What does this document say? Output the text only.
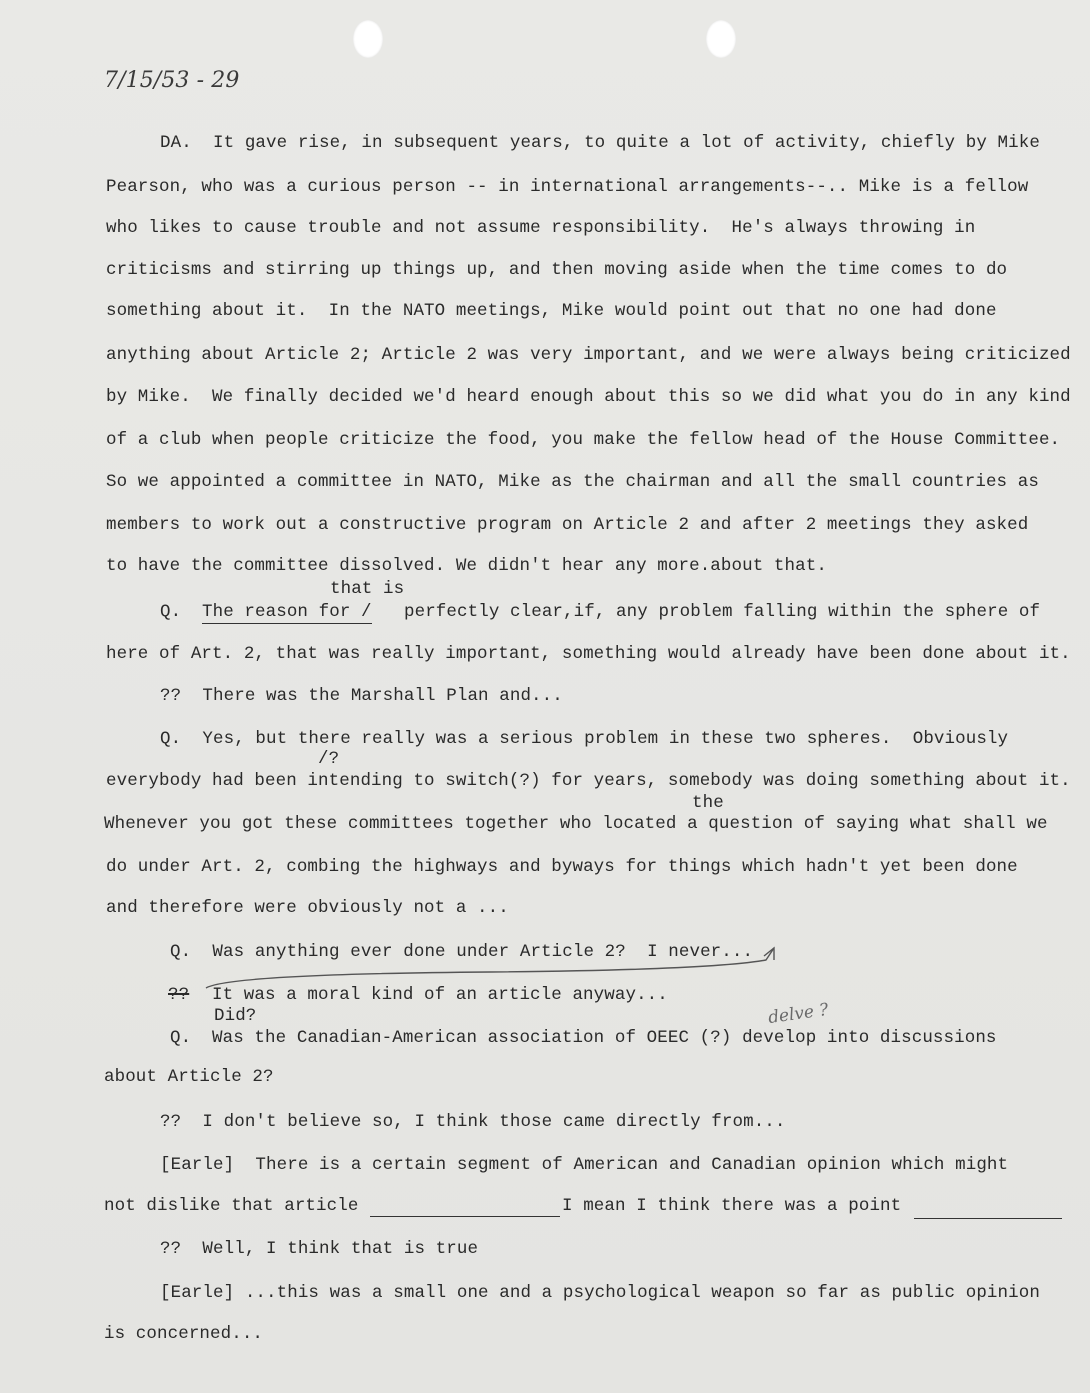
7/15/53 - 29
DA.  It gave rise, in subsequent years, to quite a lot of activity, chiefly by Mike
Pearson, who was a curious person -- in international arrangements--.. Mike is a fellow
who likes to cause trouble and not assume responsibility.  He's always throwing in
criticisms and stirring up things up, and then moving aside when the time comes to do
something about it.  In the NATO meetings, Mike would point out that no one had done
anything about Article 2; Article 2 was very important, and we were always being criticized
by Mike.  We finally decided we'd heard enough about this so we did what you do in any kind
of a club when people criticize the food, you make the fellow head of the House Committee.
So we appointed a committee in NATO, Mike as the chairman and all the small countries as
members to work out a constructive program on Article 2 and after 2 meetings they asked
to have the committee dissolved. We didn't hear any more.about that.
that is
Q. The reason for / perfectly clear,if, any problem falling within the sphere of
here of Art. 2, that was really important, something would already have been done about it.
??  There was the Marshall Plan and...
Q.  Yes, but there really was a serious problem in these two spheres.  Obviously
/?
everybody had been intending to switch(?) for years, somebody was doing something about it.
the
Whenever you got these committees together who located a question of saying what shall we
do under Art. 2, combing the highways and byways for things which hadn't yet been done
and therefore were obviously not a ...
Q.  Was anything ever done under Article 2?  I never...
?? It was a moral kind of an article anyway...
Did?
Q. Was the Canadian-American association of OEEC (?) develop into discussions
delve ?
about Article 2?
??  I don't believe so, I think those came directly from...
[Earle]  There is a certain segment of American and Canadian opinion which might
not dislike that article	I mean I think there was a point
??  Well, I think that is true
[Earle] ...this was a small one and a psychological weapon so far as public opinion
is concerned...
